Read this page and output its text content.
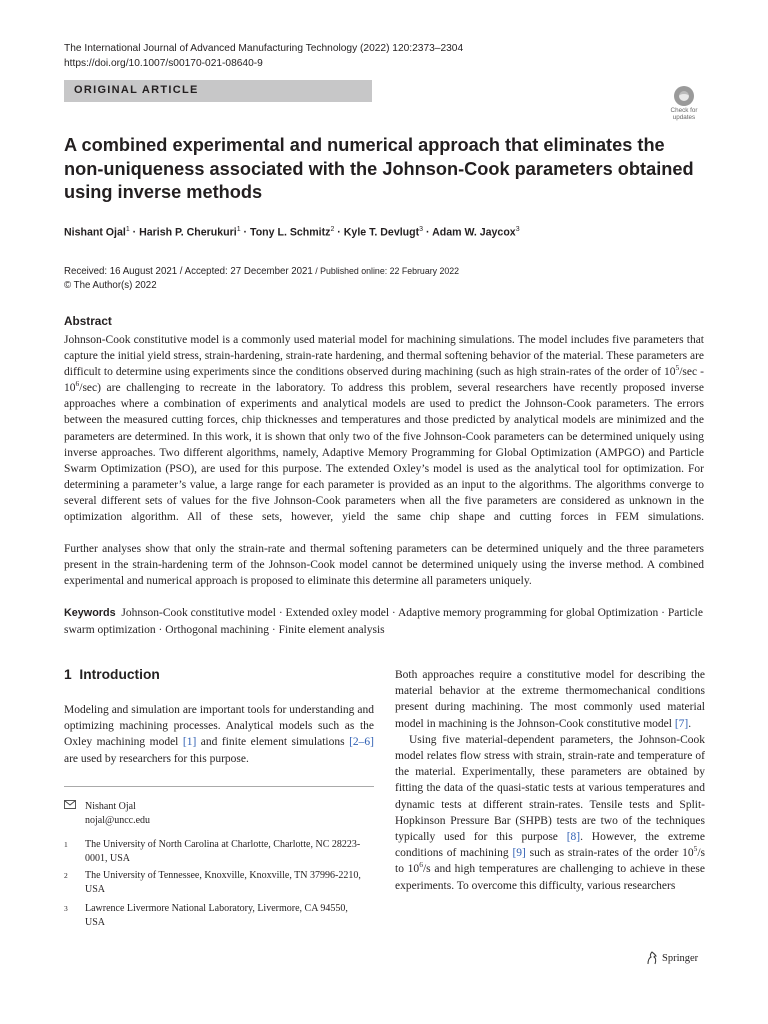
The International Journal of Advanced Manufacturing Technology (2022) 120:2373–2304
https://doi.org/10.1007/s00170-021-08640-9
ORIGINAL ARTICLE
Check for
updates
A combined experimental and numerical approach that eliminates the non-uniqueness associated with the Johnson-Cook parameters obtained using inverse methods
Nishant Ojal$^1$ · Harish P. Cherukuri$^1$ · Tony L. Schmitz$^2$ · Kyle T. Devlugt$^3$ · Adam W. Jaycox$^3$
Received: 16 August 2021 / Accepted: 27 December 2021 / Published online: 22 February 2022
© The Author(s) 2022
Abstract

Johnson-Cook constitutive model is a commonly used material model for machining simulations. The model includes five parameters that capture the initial yield stress, strain-hardening, strain-rate hardening, and thermal softening behavior of the material. These parameters are difficult to determine using experiments since the conditions observed during machining (such as high strain-rates of the order of $10^5/\sec - 10^6/\sec$) are challenging to recreate in the laboratory. To address this problem, several researchers have recently proposed inverse approaches where a combination of experiments and analytical models are used to predict the Johnson-Cook parameters. The errors between the measured cutting forces, chip thicknesses and temperatures and those predicted by analytical models are minimized and the parameters are determined. In this work, it is shown that only two of the five Johnson-Cook parameters can be determined uniquely using inverse approaches. Two different algorithms, namely, Adaptive Memory Programming for Global Optimization (AMPGO) and Particle Swarm Optimization (PSO), are used for this purpose. The extended Oxley’s model is used as the analytical tool for optimization. For determining a parameter’s value, a large range for each parameter is provided as an input to the algorithms. The algorithms converge to several different sets of values for the five Johnson-Cook parameters when all the five parameters are considered as unknown in the optimization algorithm. All of these sets, however, yield the same chip shape and cutting forces in FEM simulations.

Further analyses show that only the strain-rate and thermal softening parameters can be determined uniquely and the three parameters present in the strain-hardening term of the Johnson-Cook model cannot be determined uniquely using the inverse method. A combined experimental and numerical approach is proposed to eliminate this determine all parameters uniquely.

Keywords Johnson-Cook constitutive model · Extended oxley model · Adaptive memory programming for global Optimization · Particle swarm optimization · Orthogonal machining · Finite element analysis
1 Introduction

Modeling and simulation are important tools for understanding and optimizing machining processes. Analytical models such as the Oxley machining model [1] and finite element simulations [2–6] are used by researchers for this purpose.

Nishant Ojal
nojal@uncc.edu
1 The University of North Carolina at Charlotte, Charlotte, NC 28223-0001, USA
2 The University of Tennessee, Knoxville, Knoxville, TN 37996-2210, USA
3 Lawrence Livermore National Laboratory, Livermore, CA 94550, USA

Both approaches require a constitutive model for describing the material behavior at the extreme thermomechanical conditions present during machining. The most commonly used material model in machining is the Johnson-Cook constitutive model [7].

Using five material-dependent parameters, the Johnson-Cook model relates flow stress with strain, strain-rate and temperature of the material. Experimentally, these parameters are obtained by fitting the data of the quasi-static tests at various temperatures and dynamic tests at different strain-rates. Tensile tests and Split-Hopkinson Pressure Bar (SHPB) tests are two of the techniques typically used for this purpose [8]. However, the extreme conditions of machining [9] such as strain-rates of the order $10^5/s$ to $10^6/s$ and high temperatures are challenging to achieve in these experiments. To overcome this difficulty, various researchers

Springer
